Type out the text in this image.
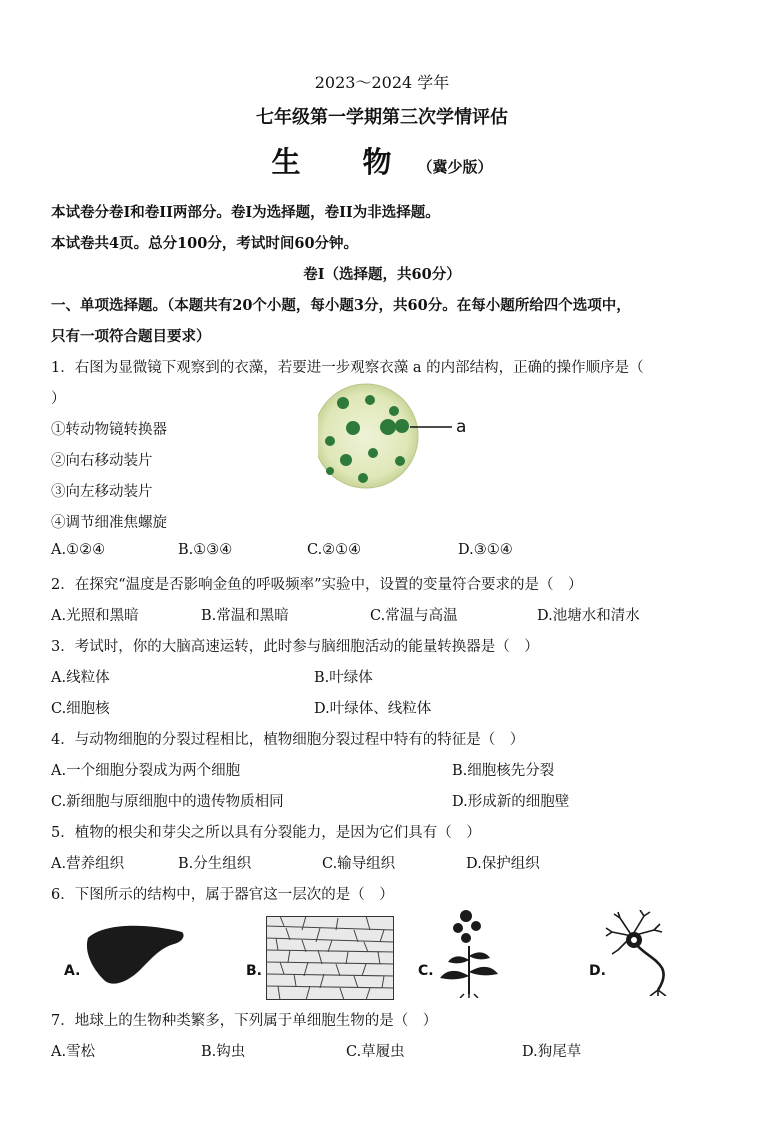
2023～2024 学年
七年级第一学期第三次学情评估
生 物（冀少版）
本试卷分卷I和卷II两部分。卷I为选择题，卷II为非选择题。
本试卷共4页。总分100分，考试时间60分钟。
卷I（选择题，共60分）
一、单项选择题。（本题共有20个小题，每小题3分，共60分。在每小题所给四个选项中，
只有一项符合题目要求）
1．右图为显微镜下观察到的衣藻，若要进一步观察衣藻 a 的内部结构，正确的操作顺序是（
）
①转动物镜转换器
②向右移动装片
③向左移动装片
④调节细准焦螺旋
a
A.①②④	B.①③④	C.②①④	D.③①④
2．在探究“温度是否影响金鱼的呼吸频率”实验中，设置的变量符合要求的是（　）
A.光照和黑暗	B.常温和黑暗	C.常温与高温	D.池塘水和清水
3．考试时，你的大脑高速运转，此时参与脑细胞活动的能量转换器是（　）
A.线粒体	B.叶绿体
C.细胞核	D.叶绿体、线粒体
4．与动物细胞的分裂过程相比，植物细胞分裂过程中特有的特征是（　）
A.一个细胞分裂成为两个细胞	B.细胞核先分裂
C.新细胞与原细胞中的遗传物质相同	D.形成新的细胞壁
5．植物的根尖和芽尖之所以具有分裂能力，是因为它们具有（　）
A.营养组织	B.分生组织	C.输导组织	D.保护组织
6．下图所示的结构中，属于器官这一层次的是（　）
A.	B.	C.	D.
7．地球上的生物种类繁多，下列属于单细胞生物的是（　）
A.雪松	B.钩虫	C.草履虫	D.狗尾草
